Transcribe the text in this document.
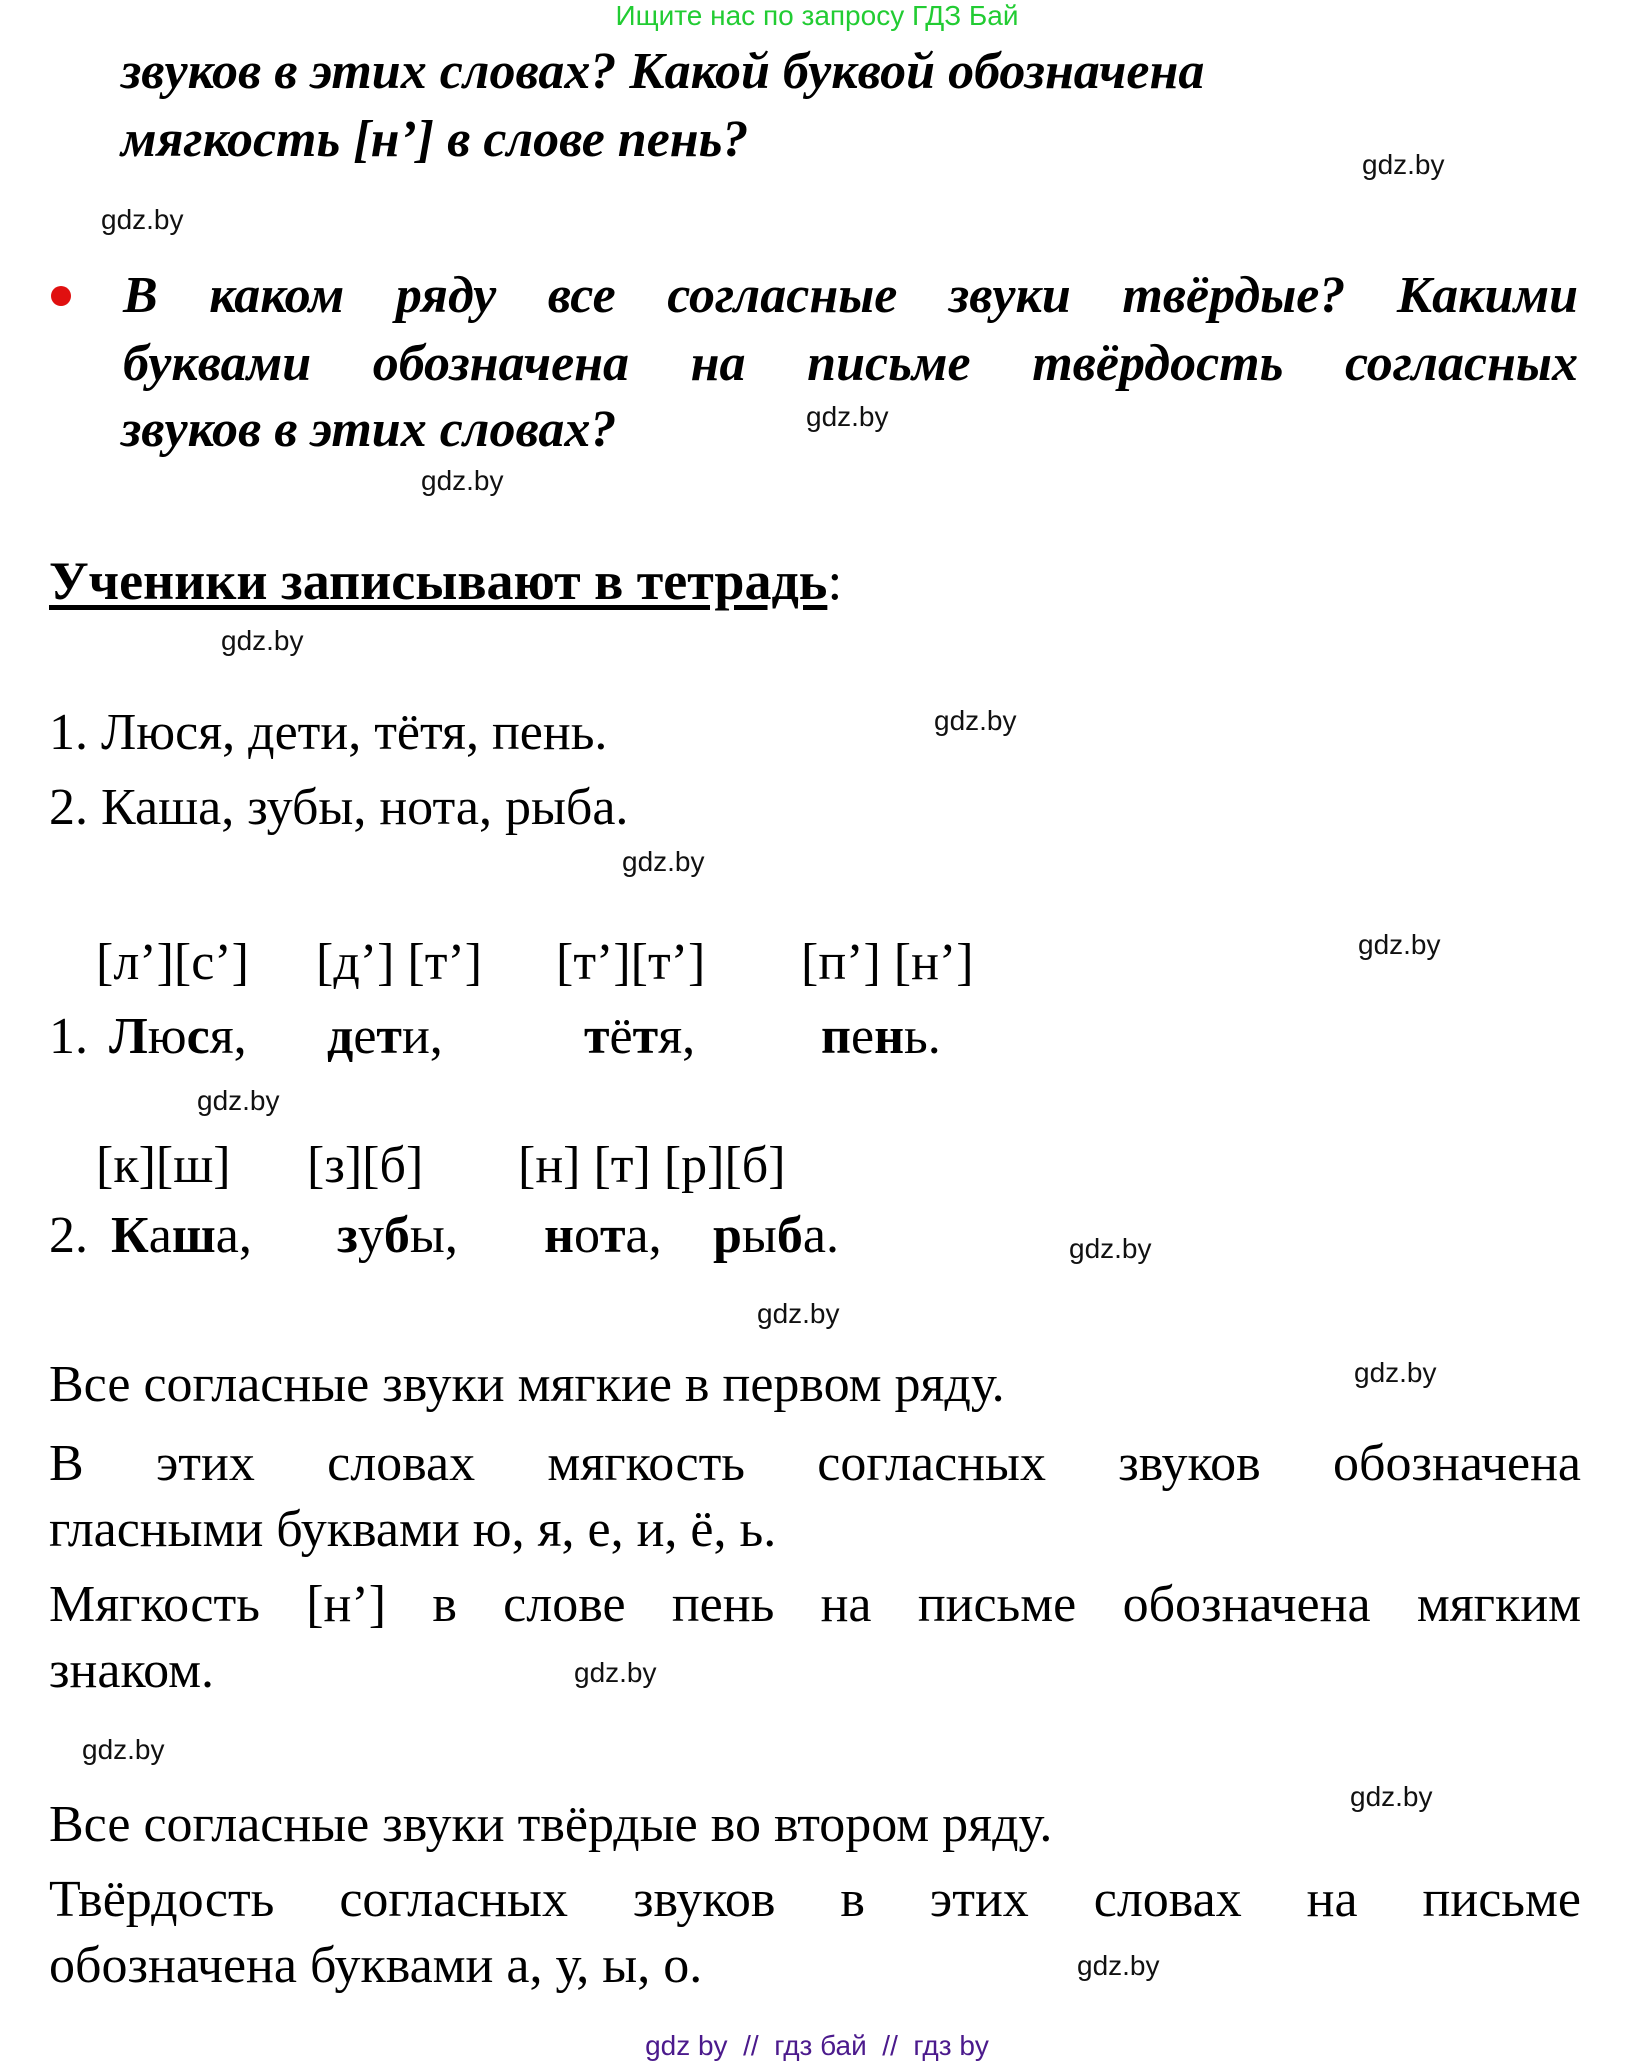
Ищите нас по запросу ГДЗ Бай
звуков в этих словах? Какой буквой обозначена
мягкость [н’] в слове пень?
В каком ряду все согласные звуки твёрдые? Какими
буквами обозначена на письме твёрдость согласных
звуков в этих словах?
Ученики записывают в тетрадь:
1. Люся, дети, тётя, пень.
2. Каша, зубы, нота, рыба.
[л’][с’] [д’] [т’] [т’][т’] [п’] [н’]
1. Люся, дети,	тётя, пень.
[к][ш] [з][б] [н] [т] [р][б]
2. Каша, зубы, нота, рыба.
Все согласные звуки мягкие в первом ряду.
В этих словах мягкость согласных звуков обозначена
гласными буквами ю, я, е, и, ё, ь.
Мягкость [н’] в слове пень на письме обозначена мягким
знаком.
Все согласные звуки твёрдые во втором ряду.
Твёрдость согласных звуков в этих словах на письме
обозначена буквами а, у, ы, о.
gdz.by
gdz.by
gdz.by
gdz.by
gdz.by
gdz.by
gdz.by
gdz.by
gdz.by
gdz.by
gdz.by
gdz.by
gdz.by
gdz.by
gdz.by
gdz.by
gdz by  //  гдз бай  //  гдз by
